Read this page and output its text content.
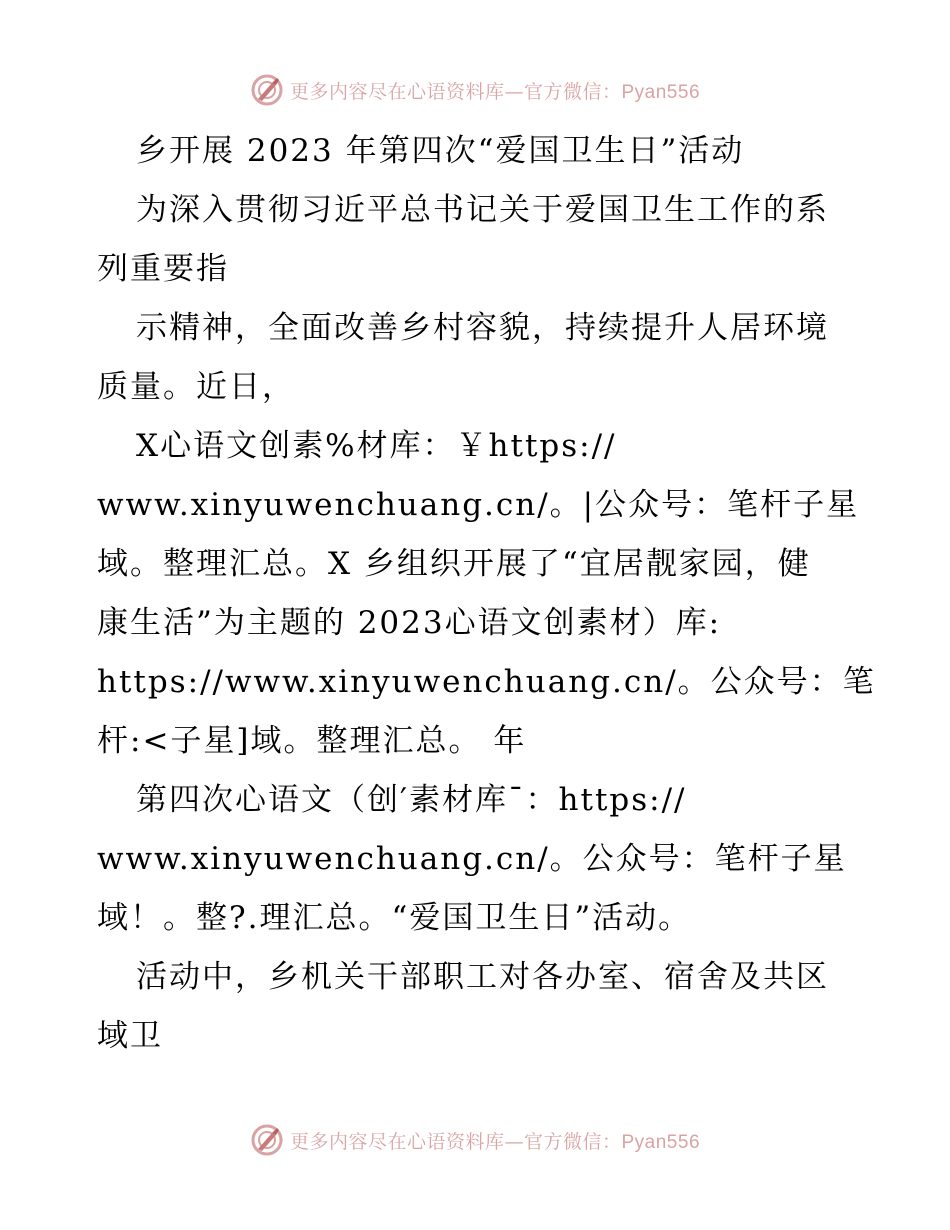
更多内容尽在心语资料库—官方微信：Pyan556

乡开展 2023 年第四次“爱国卫生日”活动

为深入贯彻习近平总书记关于爱国卫生工作的系

列重要指

示精神，全面改善乡村容貌，持续提升人居环境

质量。近日，

X心语文创素%材库：￥https://

www.xinyuwenchuang.cn/。|公众号：笔杆子星

域。整理汇总。X 乡组织开展了“宜居靓家园，健

康生活”为主题的 2023心语文创素材）库:

https://www.xinyuwenchuang.cn/。公众号：笔

杆:<子星]域。整理汇总。 年

第四次心语文（创′素材库¯：https://

www.xinyuwenchuang.cn/。公众号：笔杆子星

域！。整?.理汇总。“爱国卫生日”活动。

活动中，乡机关干部职工对各办室、宿舍及共区

域卫

更多内容尽在心语资料库—官方微信：Pyan556
